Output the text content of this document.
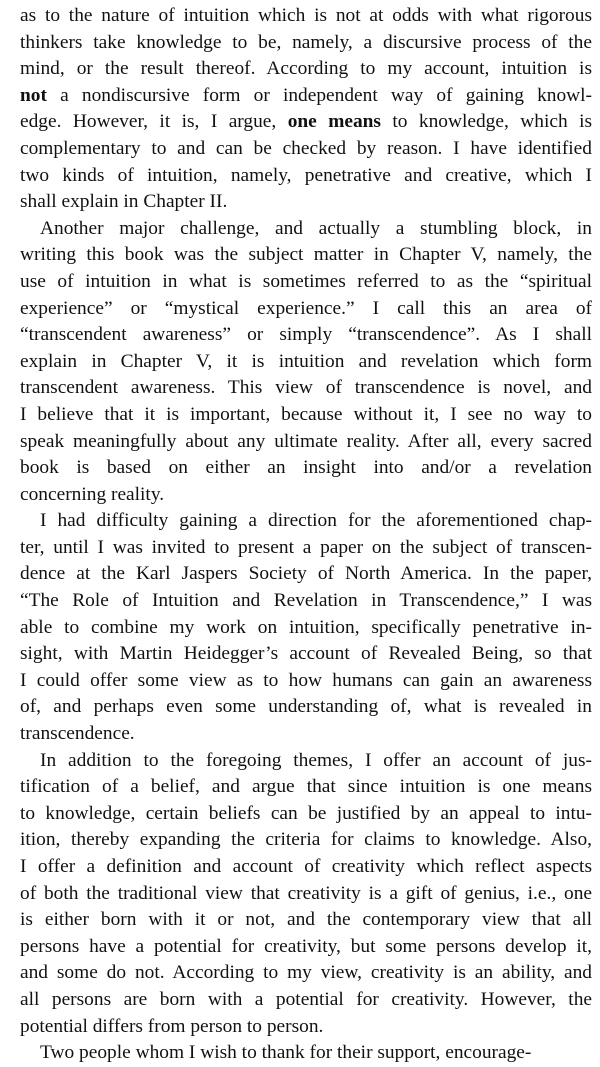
as to the nature of intuition which is not at odds with what rigorous
thinkers take knowledge to be, namely, a discursive process of the
mind, or the result thereof. According to my account, intuition is
not a nondiscursive form or independent way of gaining knowl-
edge. However, it is, I argue, one means to knowledge, which is
complementary to and can be checked by reason. I have identified
two kinds of intuition, namely, penetrative and creative, which I
shall explain in Chapter II.
Another major challenge, and actually a stumbling block, in
writing this book was the subject matter in Chapter V, namely, the
use of intuition in what is sometimes referred to as the “spiritual
experience” or “mystical experience.” I call this an area of
“transcendent awareness” or simply “transcendence”. As I shall
explain in Chapter V, it is intuition and revelation which form
transcendent awareness. This view of transcendence is novel, and
I believe that it is important, because without it, I see no way to
speak meaningfully about any ultimate reality. After all, every sacred
book is based on either an insight into and/or a revelation
concerning reality.
I had difficulty gaining a direction for the aforementioned chap-
ter, until I was invited to present a paper on the subject of transcen-
dence at the Karl Jaspers Society of North America. In the paper,
“The Role of Intuition and Revelation in Transcendence,” I was
able to combine my work on intuition, specifically penetrative in-
sight, with Martin Heidegger’s account of Revealed Being, so that
I could offer some view as to how humans can gain an awareness
of, and perhaps even some understanding of, what is revealed in
transcendence.
In addition to the foregoing themes, I offer an account of jus-
tification of a belief, and argue that since intuition is one means
to knowledge, certain beliefs can be justified by an appeal to intu-
ition, thereby expanding the criteria for claims to knowledge. Also,
I offer a definition and account of creativity which reflect aspects
of both the traditional view that creativity is a gift of genius, i.e., one
is either born with it or not, and the contemporary view that all
persons have a potential for creativity, but some persons develop it,
and some do not. According to my view, creativity is an ability, and
all persons are born with a potential for creativity. However, the
potential differs from person to person.
Two people whom I wish to thank for their support, encourage-
